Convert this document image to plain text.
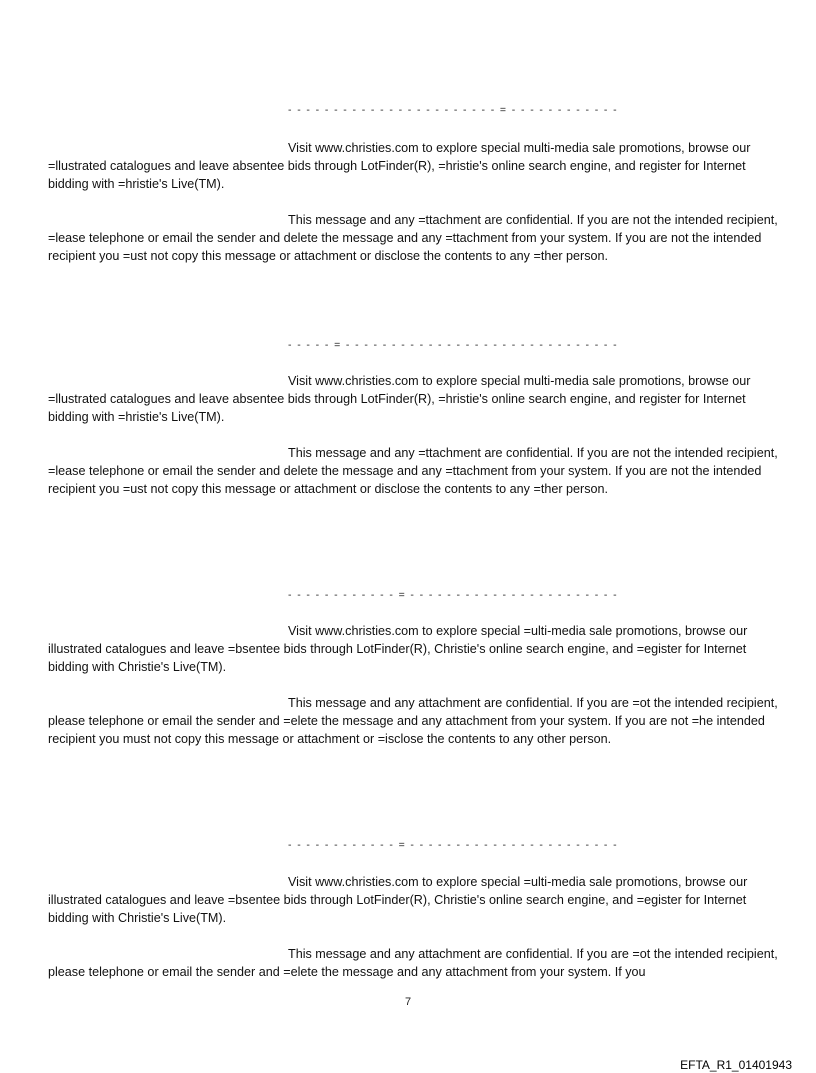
- - - - - - - - - - - - - - - - - - - - - - - = - - - - - - - - - - - -

Visit www.christies.com to explore special multi-media sale promotions, browse our =llustrated catalogues and leave absentee bids through LotFinder(R), =hristie's online search engine, and register for Internet bidding with =hristie's Live(TM).

This message and any =ttachment are confidential. If you are not the intended recipient, =lease telephone or email the sender and delete the message and any =ttachment from your system. If you are not the intended recipient you =ust not copy this message or attachment or disclose the contents to any =ther person.

- - - - - = - - - - - - - - - - - - - - - - - - - - - - - - - - - - - -

Visit www.christies.com to explore special multi-media sale promotions, browse our =llustrated catalogues and leave absentee bids through LotFinder(R), =hristie's online search engine, and register for Internet bidding with =hristie's Live(TM).

This message and any =ttachment are confidential. If you are not the intended recipient, =lease telephone or email the sender and delete the message and any =ttachment from your system. If you are not the intended recipient you =ust not copy this message or attachment or disclose the contents to any =ther person.

- - - - - - - - - - - - = - - - - - - - - - - - - - - - - - - - - - - -

Visit www.christies.com to explore special =ulti-media sale promotions, browse our illustrated catalogues and leave =bsentee bids through LotFinder(R), Christie's online search engine, and =egister for Internet bidding with Christie's Live(TM).

This message and any attachment are confidential. If you are =ot the intended recipient, please telephone or email the sender and =elete the message and any attachment from your system. If you are not =he intended recipient you must not copy this message or attachment or =isclose the contents to any other person.

- - - - - - - - - - - - = - - - - - - - - - - - - - - - - - - - - - - -

Visit www.christies.com to explore special =ulti-media sale promotions, browse our illustrated catalogues and leave =bsentee bids through LotFinder(R), Christie's online search engine, and =egister for Internet bidding with Christie's Live(TM).

This message and any attachment are confidential. If you are =ot the intended recipient, please telephone or email the sender and =elete the message and any attachment from your system. If you

7
EFTA_R1_01401943
